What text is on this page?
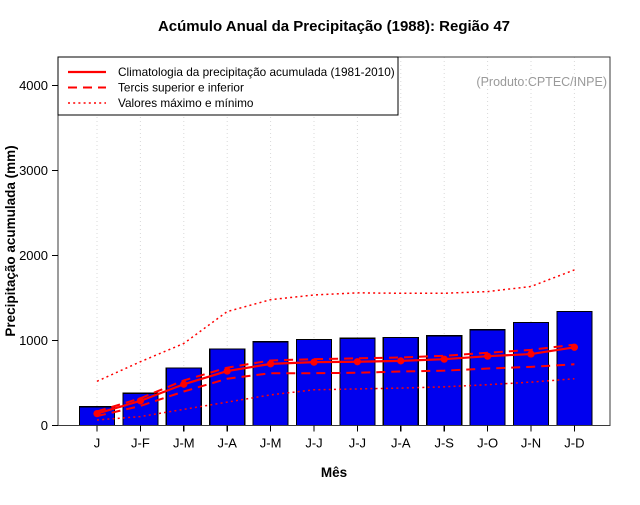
0
1000
2000
3000
4000
J J-F J-M J-A J-M J-J J-J J-A J-S J-O J-N J-D
Acúmulo Anual da Precipitação (1988): Região 47
Mês
Precipitação acumulada (mm)
(Produto:CPTEC/INPE)
Climatologia da precipitação acumulada (1981-2010)
Tercis superior e inferior
Valores máximo e mínimo
